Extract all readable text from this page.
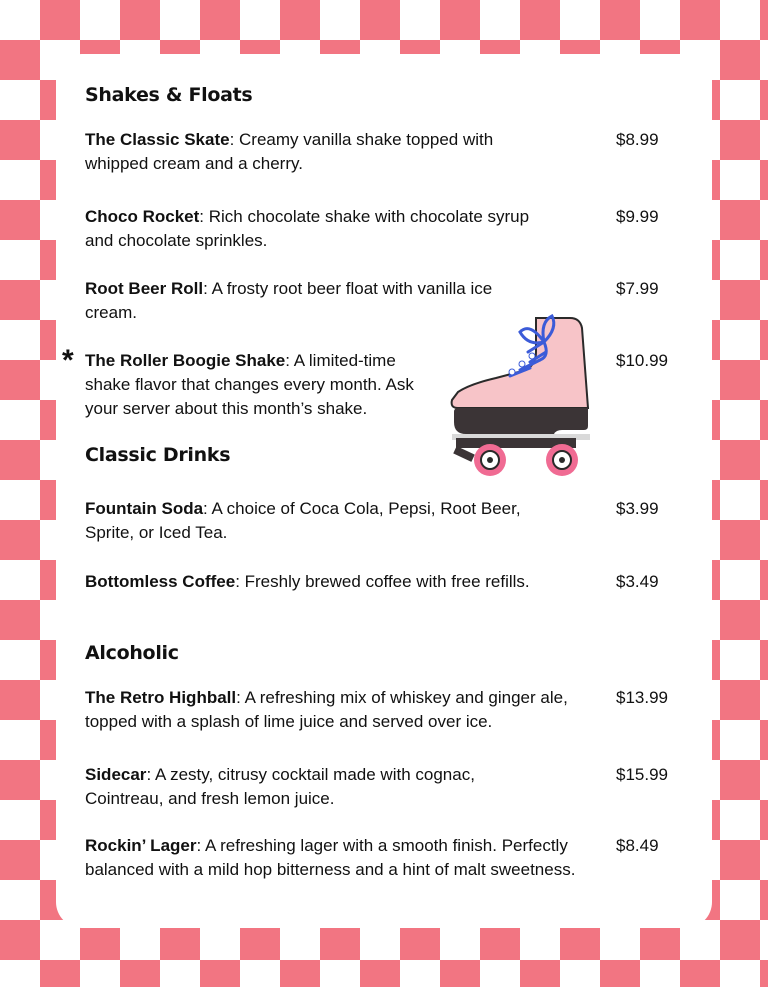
Shakes & Floats
The Classic Skate: Creamy vanilla shake topped with whipped cream and a cherry.
$8.99
Choco Rocket: Rich chocolate shake with chocolate syrup and chocolate sprinkles.
$9.99
Root Beer Roll: A frosty root beer float with vanilla ice cream.
$7.99
* The Roller Boogie Shake: A limited-time shake flavor that changes every month. Ask your server about this month’s shake.
$10.99
Classic Drinks
Fountain Soda: A choice of Coca Cola, Pepsi, Root Beer, Sprite, or Iced Tea.
$3.99
Bottomless Coffee: Freshly brewed coffee with free refills.	$3.49
Alcoholic
The Retro Highball: A refreshing mix of whiskey and ginger ale, topped with a splash of lime juice and served over ice.
$13.99
Sidecar: A zesty, citrusy cocktail made with cognac, Cointreau, and fresh lemon juice.
$15.99
Rockin’ Lager: A refreshing lager with a smooth finish. Perfectly balanced with a mild hop bitterness and a hint of malt sweetness.
$8.49
